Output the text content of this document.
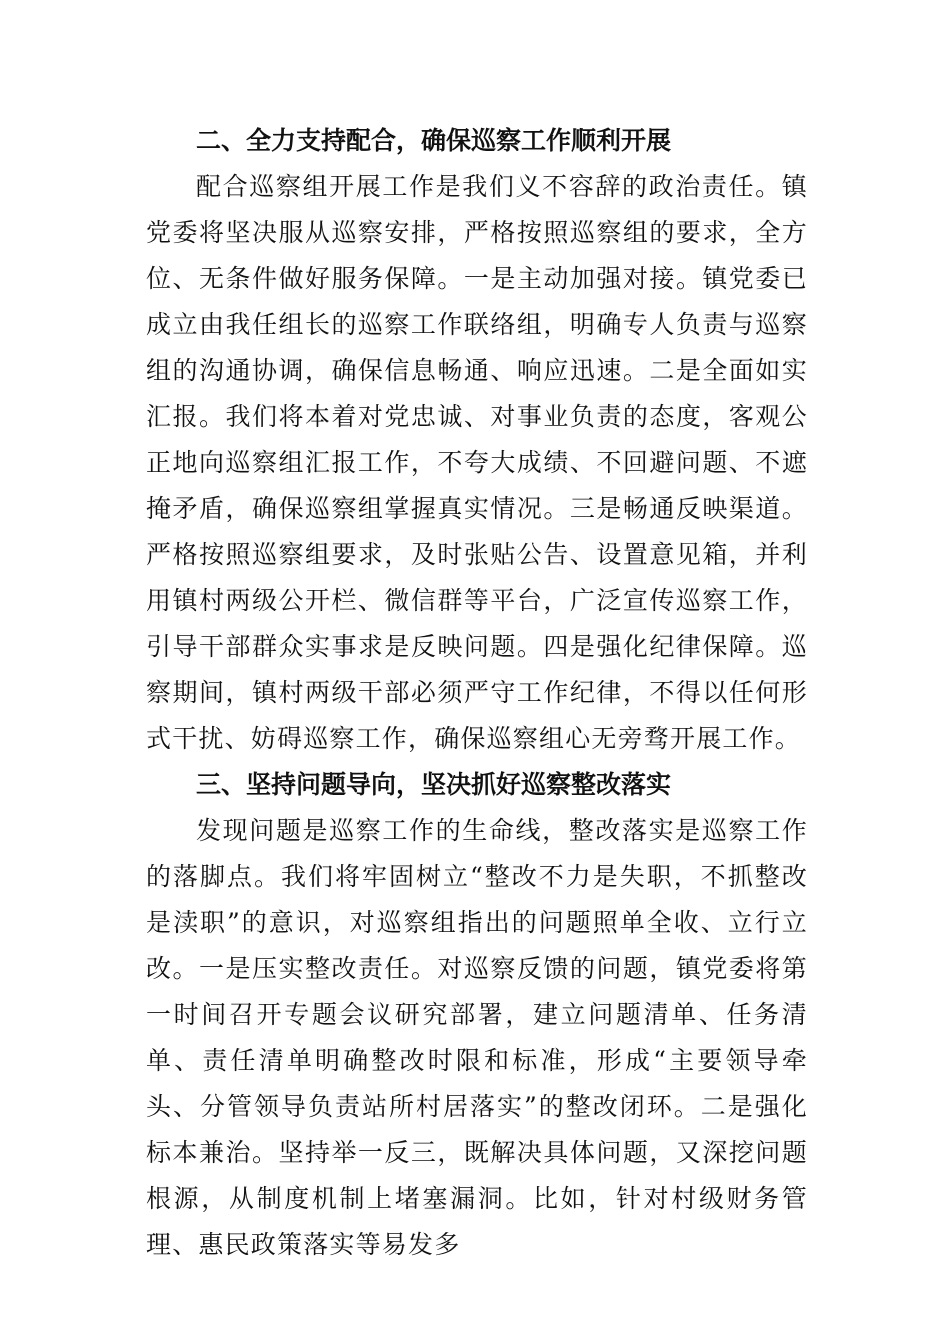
二、全力支持配合，确保巡察工作顺利开展

配合巡察组开展工作是我们义不容辞的政治责任。镇党委将坚决服从巡察安排，严格按照巡察组的要求，全方位、无条件做好服务保障。一是主动加强对接。镇党委已成立由我任组长的巡察工作联络组，明确专人负责与巡察组的沟通协调，确保信息畅通、响应迅速。二是全面如实汇报。我们将本着对党忠诚、对事业负责的态度，客观公正地向巡察组汇报工作，不夸大成绩、不回避问题、不遮掩矛盾，确保巡察组掌握真实情况。三是畅通反映渠道。严格按照巡察组要求，及时张贴公告、设置意见箱，并利用镇村两级公开栏、微信群等平台，广泛宣传巡察工作，引导干部群众实事求是反映问题。四是强化纪律保障。巡察期间，镇村两级干部必须严守工作纪律，不得以任何形式干扰、妨碍巡察工作，确保巡察组心无旁骛开展工作。

三、坚持问题导向，坚决抓好巡察整改落实

发现问题是巡察工作的生命线，整改落实是巡察工作的落脚点。我们将牢固树立“整改不力是失职，不抓整改是渎职”的意识，对巡察组指出的问题照单全收、立行立改。一是压实整改责任。对巡察反馈的问题，镇党委将第一时间召开专题会议研究部署，建立问题清单、任务清单、责任清单明确整改时限和标准，形成“主要领导牵头、分管领导负责站所村居落实”的整改闭环。二是强化标本兼治。坚持举一反三，既解决具体问题，又深挖问题根源，从制度机制上堵塞漏洞。比如，针对村级财务管理、惠民政策落实等易发多
